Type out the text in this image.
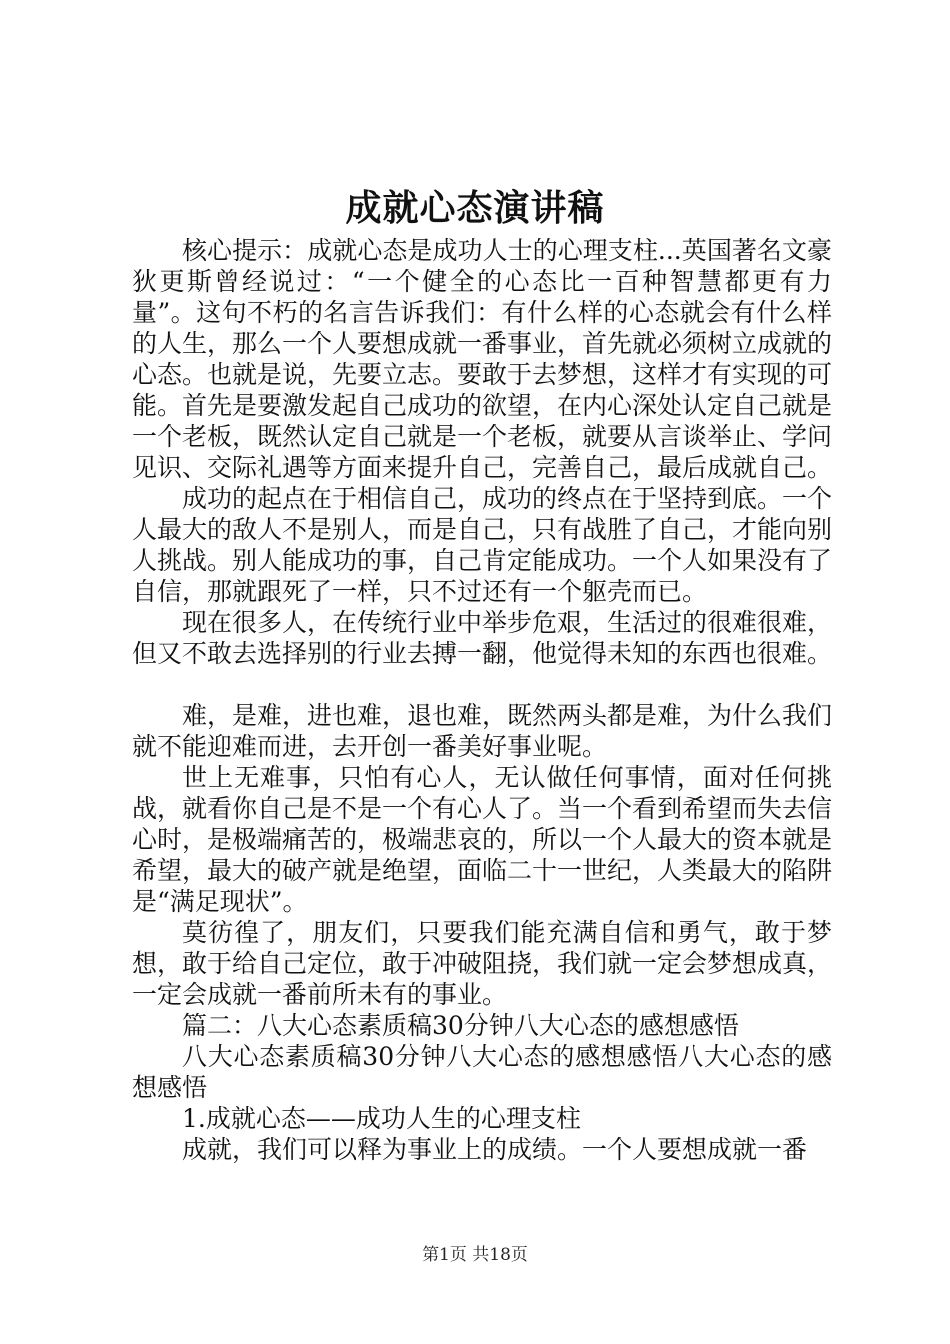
成就心态演讲稿

核心提示：成就心态是成功人士的心理支柱...英国著名文豪狄更斯曾经说过：“一个健全的心态比一百种智慧都更有力量”。这句不朽的名言告诉我们：有什么样的心态就会有什么样的人生，那么一个人要想成就一番事业，首先就必须树立成就的心态。也就是说，先要立志。要敢于去梦想，这样才有实现的可能。首先是要激发起自己成功的欲望，在内心深处认定自己就是一个老板，既然认定自己就是一个老板，就要从言谈举止、学问见识、交际礼遇等方面来提升自己，完善自己，最后成就自己。

成功的起点在于相信自己，成功的终点在于坚持到底。一个人最大的敌人不是别人，而是自己，只有战胜了自己，才能向别人挑战。别人能成功的事，自己肯定能成功。一个人如果没有了自信，那就跟死了一样，只不过还有一个躯壳而已。

现在很多人，在传统行业中举步危艰，生活过的很难很难，但又不敢去选择别的行业去搏一翻，他觉得未知的东西也很难。

难，是难，进也难，退也难，既然两头都是难，为什么我们就不能迎难而进，去开创一番美好事业呢。

世上无难事，只怕有心人，无认做任何事情，面对任何挑战，就看你自己是不是一个有心人了。当一个看到希望而失去信心时，是极端痛苦的，极端悲哀的，所以一个人最大的资本就是希望，最大的破产就是绝望，面临二十一世纪，人类最大的陷阱是“满足现状”。

莫彷徨了，朋友们，只要我们能充满自信和勇气，敢于梦想，敢于给自己定位，敢于冲破阻挠，我们就一定会梦想成真，一定会成就一番前所未有的事业。

篇二：八大心态素质稿30分钟八大心态的感想感悟

八大心态素质稿30分钟八大心态的感想感悟八大心态的感想感悟

1.成就心态——成功人生的心理支柱

成就，我们可以释为事业上的成绩。一个人要想成就一番

第1页 共18页
